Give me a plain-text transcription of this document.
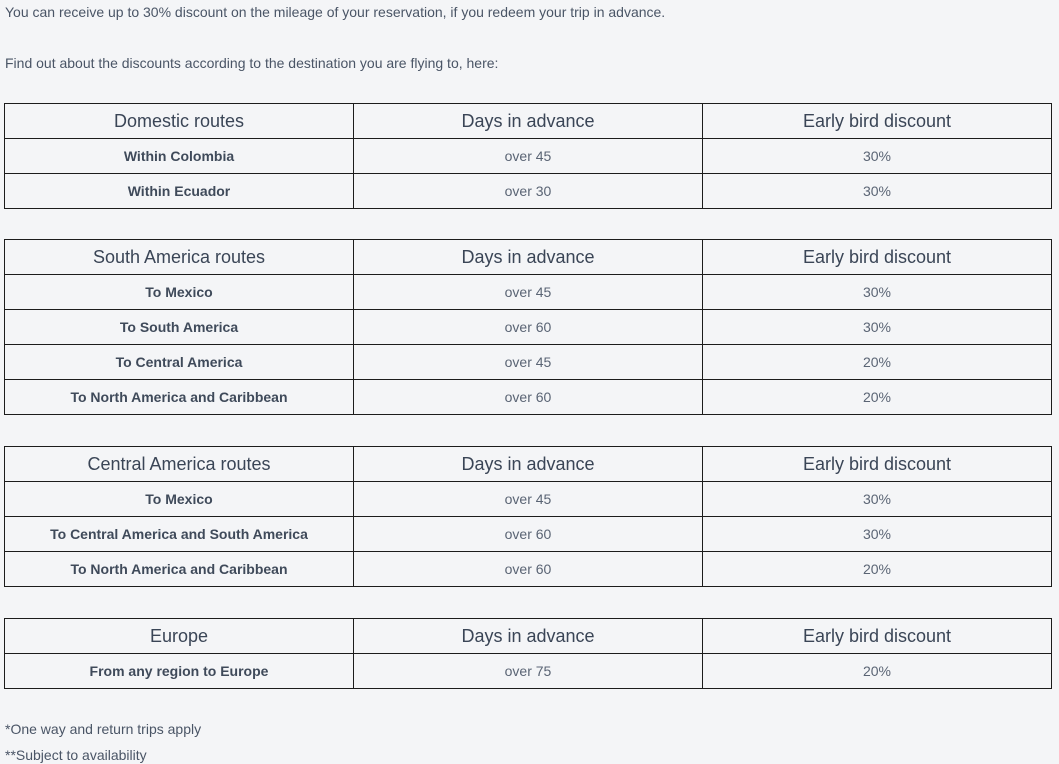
You can receive up to 30% discount on the mileage of your reservation, if you redeem your trip in advance.

Find out about the discounts according to the destination you are flying to, here:

Domestic routes	Days in advance	Early bird discount
Within Colombia	over 45	30%
Within Ecuador	over 30	30%
South America routes	Days in advance	Early bird discount
To Mexico	over 45	30%
To South America	over 60	30%
To Central America	over 45	20%
To North America and Caribbean	over 60	20%
Central America routes	Days in advance	Early bird discount
To Mexico	over 45	30%
To Central America and South America	over 60	30%
To North America and Caribbean	over 60	20%
Europe	Days in advance	Early bird discount
From any region to Europe	over 75	20%

*One way and return trips apply

**Subject to availability
